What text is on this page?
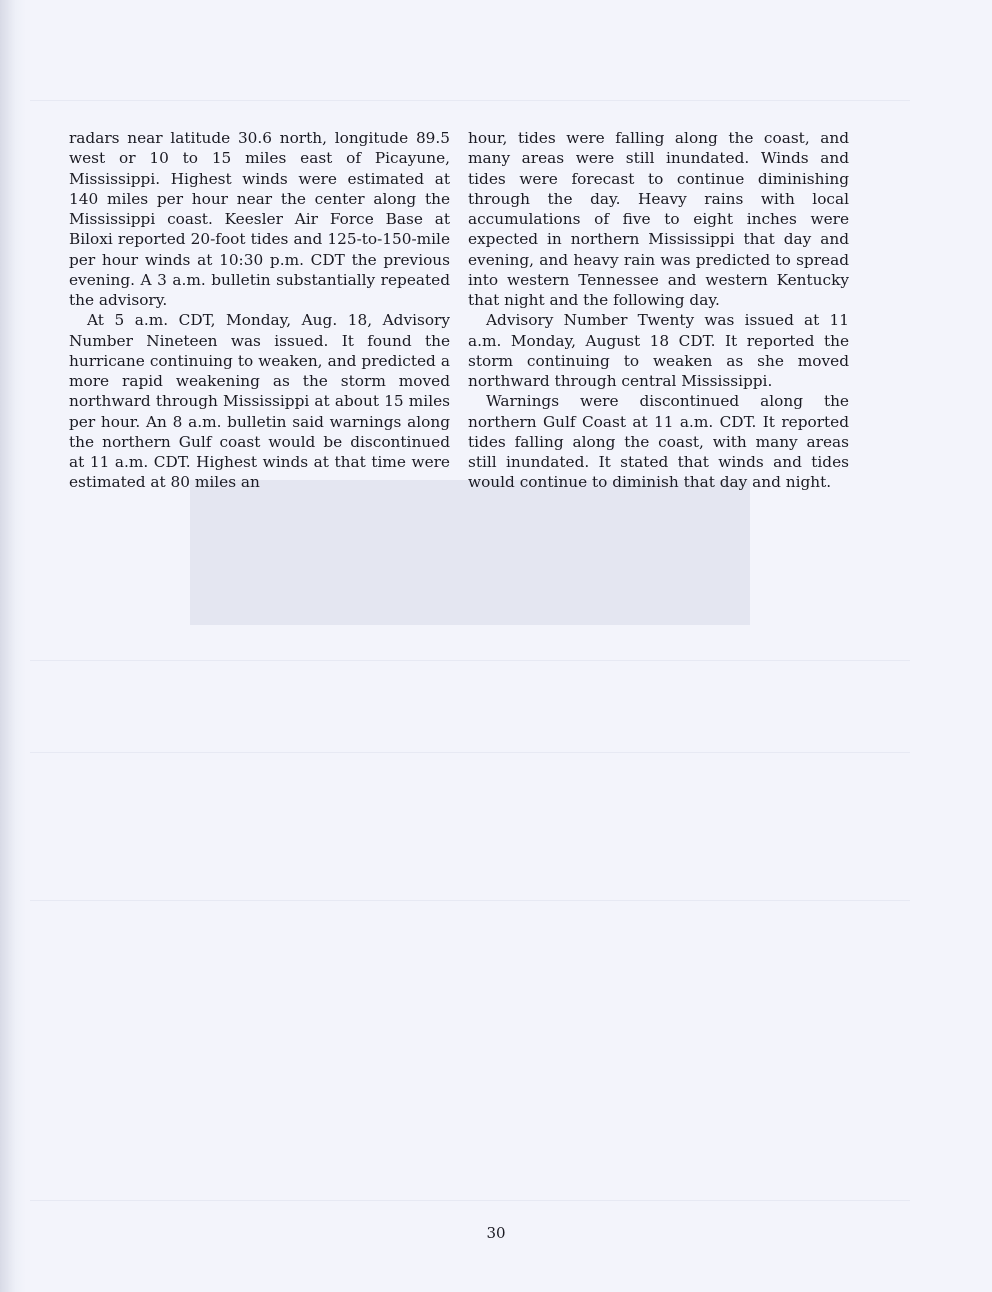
radars near latitude 30.6 north, longitude 89.5 west or 10 to 15 miles east of Picayune, Mississippi. Highest winds were estimated at 140 miles per hour near the center along the Mississippi coast. Keesler Air Force Base at Biloxi reported 20-foot tides and 125-to-150-mile per hour winds at 10:30 p.m. CDT the previous evening. A 3 a.m. bulletin substantially repeated the advisory.

At 5 a.m. CDT, Monday, Aug. 18, Advisory Number Nineteen was issued. It found the hurricane continuing to weaken, and predicted a more rapid weakening as the storm moved northward through Mississippi at about 15 miles per hour. An 8 a.m. bulletin said warnings along the northern Gulf coast would be discontinued at 11 a.m. CDT. Highest winds at that time were estimated at 80 miles an

hour, tides were falling along the coast, and many areas were still inundated. Winds and tides were forecast to continue diminishing through the day. Heavy rains with local accumulations of five to eight inches were expected in northern Mississippi that day and evening, and heavy rain was predicted to spread into western Tennessee and western Kentucky that night and the following day.

Advisory Number Twenty was issued at 11 a.m. Monday, August 18 CDT. It reported the storm continuing to weaken as she moved northward through central Mississippi.

Warnings were discontinued along the northern Gulf Coast at 11 a.m. CDT. It reported tides falling along the coast, with many areas still inundated. It stated that winds and tides would continue to diminish that day and night.

30
